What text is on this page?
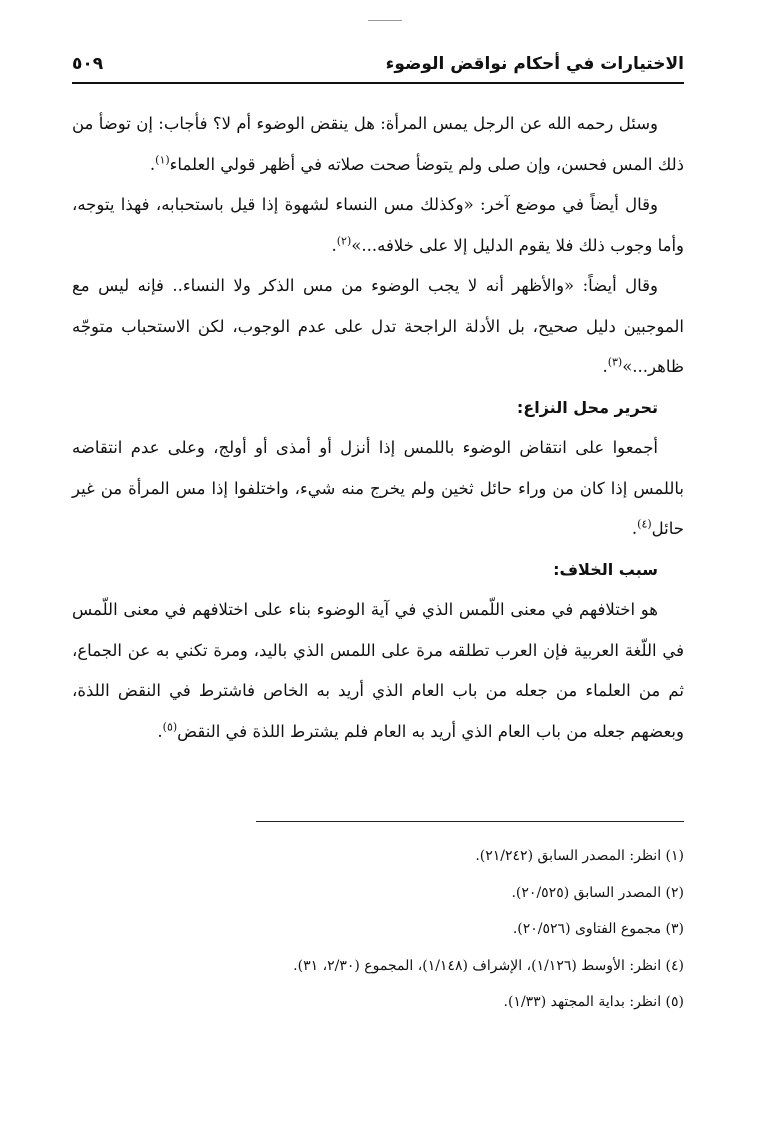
الاختيارات في أحكام نواقض الوضوء
٥٠٩

وسئل رحمه الله عن الرجل يمس المرأة: هل ينقض الوضوء أم لا؟ فأجاب: إن توضأ من ذلك المس فحسن، وإن صلى ولم يتوضأ صحت صلاته في أظهر قولي العلماء$^{(١)}$.

وقال أيضاً في موضع آخر: «وكذلك مس النساء لشهوة إذا قيل باستحبابه، فهذا يتوجه، وأما وجوب ذلك فلا يقوم الدليل إلا على خلافه...»$^{(٢)}$.

وقال أيضاً: «والأظهر أنه لا يجب الوضوء من مس الذكر ولا النساء.. فإنه ليس مع الموجبين دليل صحيح، بل الأدلة الراجحة تدل على عدم الوجوب، لكن الاستحباب متوجّه ظاهر...»$^{(٣)}$.

تحرير محل النزاع:

أجمعوا على انتقاض الوضوء باللمس إذا أنزل أو أمذى أو أولج، وعلى عدم انتقاضه باللمس إذا كان من وراء حائل ثخين ولم يخرج منه شيء، واختلفوا إذا مس المرأة من غير حائل$^{(٤)}$.

سبب الخلاف:

هو اختلافهم في معنى اللّمس الذي في آية الوضوء بناء على اختلافهم في معنى اللّمس في اللّغة العربية فإن العرب تطلقه مرة على اللمس الذي باليد، ومرة تكني به عن الجماع، ثم من العلماء من جعله من باب العام الذي أريد به الخاص فاشترط في النقض اللذة، وبعضهم جعله من باب العام الذي أريد به العام فلم يشترط اللذة في النقض$^{(٥)}$.

(١) انظر: المصدر السابق (٢١/٢٤٢).
(٢) المصدر السابق (٢٠/٥٢٥).
(٣) مجموع الفتاوى (٢٠/٥٢٦).
(٤) انظر: الأوسط (١/١٢٦)، الإشراف (١/١٤٨)، المجموع (٢/٣٠، ٣١).
(٥) انظر: بداية المجتهد (١/٣٣).
